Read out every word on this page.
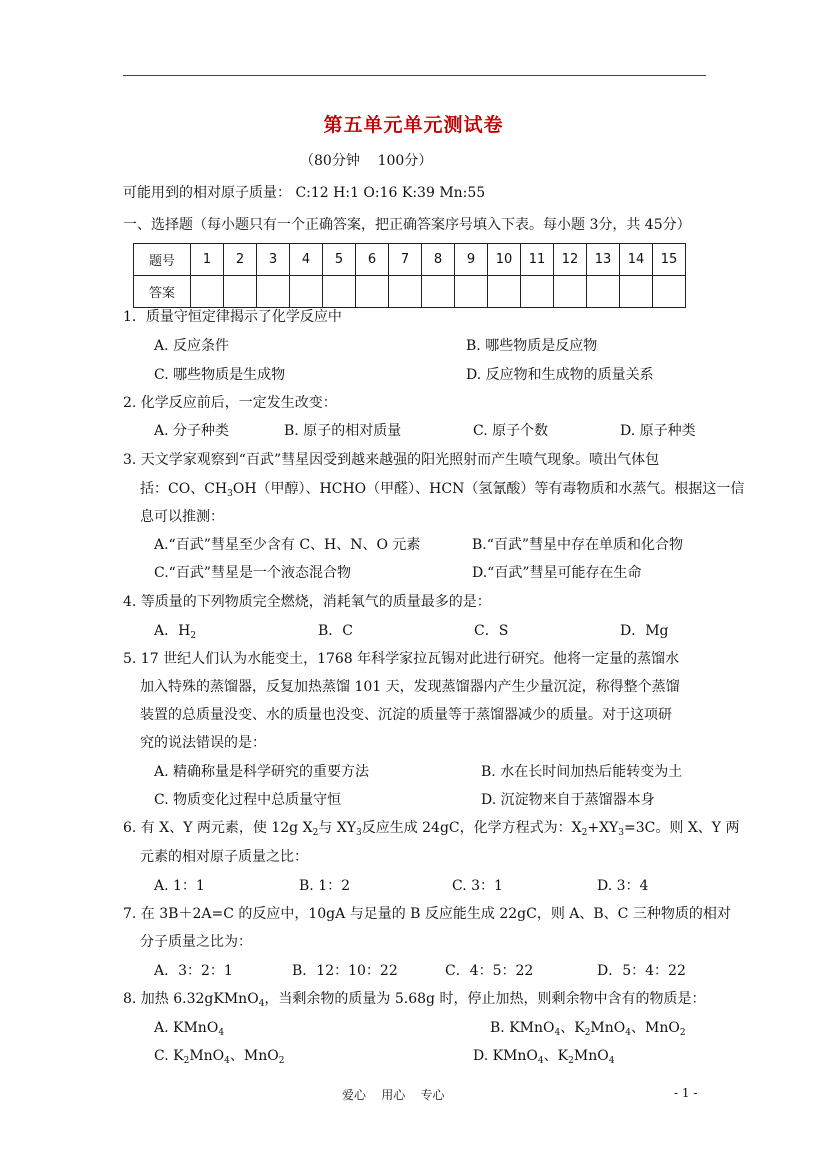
第五单元单元测试卷
（80分钟    100分）
可能用到的相对原子质量： C:12 H:1 O:16 K:39 Mn:55
一、选择题（每小题只有一个正确答案，把正确答案序号填入下表。每小题 3分，共 45分）
题号	1	2	3	4	5	6	7	8	9	10	11	12	13	14	15
答案															
1．质量守恒定律揭示了化学反应中
A. 反应条件	B. 哪些物质是反应物
C. 哪些物质是生成物	D. 反应物和生成物的质量关系
2. 化学反应前后，一定发生改变：
A. 分子种类	B. 原子的相对质量	C. 原子个数	D. 原子种类
3. 天文学家观察到“百武”彗星因受到越来越强的阳光照射而产生喷气现象。喷出气体包
括：CO、$CH_3OH$（甲醇）、HCHO（甲醛）、HCN（氢氰酸）等有毒物质和水蒸气。根据这一信
息可以推测：
A.“百武”彗星至少含有 C、H、N、O 元素	B.“百武”彗星中存在单质和化合物
C.“百武”彗星是一个液态混合物	D.“百武”彗星可能存在生命
4. 等质量的下列物质完全燃烧，消耗氧气的质量最多的是：
A．$H_2$	B．C	C．S	D．Mg
5. 17 世纪人们认为水能变土，1768 年科学家拉瓦锡对此进行研究。他将一定量的蒸馏水
加入特殊的蒸馏器，反复加热蒸馏 101 天，发现蒸馏器内产生少量沉淀，称得整个蒸馏
装置的总质量没变、水的质量也没变、沉淀的质量等于蒸馏器减少的质量。对于这项研
究的说法错误的是：
A. 精确称量是科学研究的重要方法	B. 水在长时间加热后能转变为土
C. 物质变化过程中总质量守恒	D. 沉淀物来自于蒸馏器本身
6. 有 X、Y 两元素，使 12g $X_2$与 $XY_3$反应生成 24gC，化学方程式为：$X_2+XY_3=3C$。则 X、Y 两
元素的相对原子质量之比：
A. 1：1	B. 1：2	C. 3：1	D. 3：4
7. 在 3B＋2A=C 的反应中，10gA 与足量的 B 反应能生成 22gC，则 A、B、C 三种物质的相对
分子质量之比为：
A．3：2：1	B．12：10：22	C．4：5：22	D．5：4：22
8. 加热 6.32gKMnO$_4$，当剩余物的质量为 5.68g 时，停止加热，则剩余物中含有的物质是：
A. KMnO$_4$	B. KMnO$_4$、$K_2MnO_4$、MnO$_2$
C. $K_2MnO_4$、MnO$_2$	D. KMnO$_4$、$K_2MnO_4$
爱心    用心    专心	- 1 -
